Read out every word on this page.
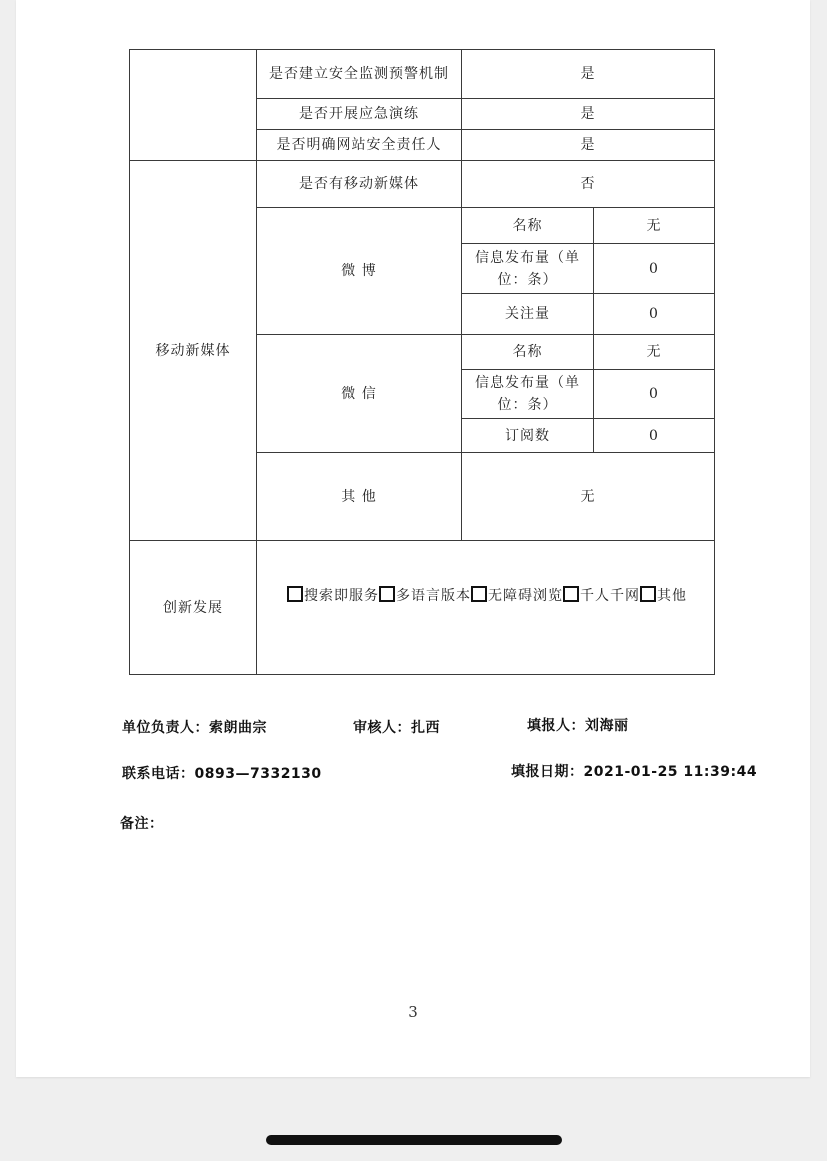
	是否建立安全监测预警机制	是	
	是否开展应急演练	是	
	是否明确网站安全责任人	是	
移动新媒体	是否有移动新媒体	否	
	微 博	名称	无
		信息发布量（单位：条）	0
		关注量	0
	微 信	名称	无
		信息发布量（单位：条）	0
		订阅数	0
	其 他	无	
创新发展	搜索即服务 多语言版本 无障碍浏览 千人千网 其他		
单位负责人：索朗曲宗	审核人：扎西	填报人：刘海丽
联系电话：0893—7332130	填报日期：2021-01-25 11:39:44
备注：
3
